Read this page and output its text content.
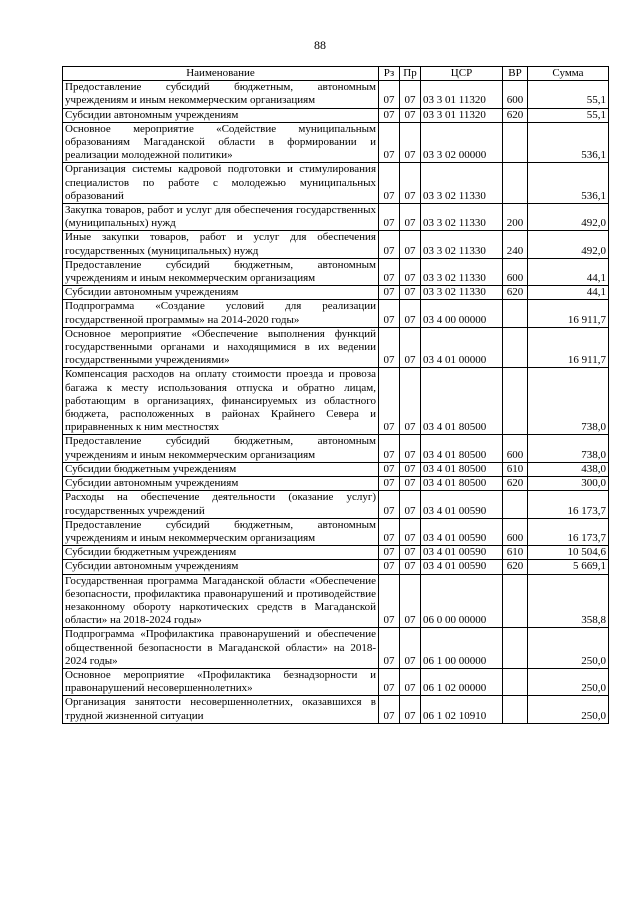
88
Наименование	Рз	Пр	ЦСР	ВР	Сумма
Предоставление субсидий бюджетным, автономным учреждениям и иным некоммерческим организациям	07	07	03 3 01 11320	600	55,1
Субсидии автономным учреждениям	07	07	03 3 01 11320	620	55,1
Основное мероприятие «Содействие муниципальным образованиям Магаданской области в формировании и реализации молодежной политики»	07	07	03 3 02 00000		536,1
Организация системы кадровой подготовки и стимулирования специалистов по работе с молодежью муниципальных образований	07	07	03 3 02 11330		536,1
Закупка товаров, работ и услуг для обеспечения государственных (муниципальных) нужд	07	07	03 3 02 11330	200	492,0
Иные закупки товаров, работ и услуг для обеспечения государственных (муниципальных) нужд	07	07	03 3 02 11330	240	492,0
Предоставление субсидий бюджетным, автономным учреждениям и иным некоммерческим организациям	07	07	03 3 02 11330	600	44,1
Субсидии автономным учреждениям	07	07	03 3 02 11330	620	44,1
Подпрограмма «Создание условий для реализации государственной программы» на 2014-2020 годы»	07	07	03 4 00 00000		16 911,7
Основное мероприятие «Обеспечение выполнения функций государственными органами и находящимися в их ведении государственными учреждениями»	07	07	03 4 01 00000		16 911,7
Компенсация расходов на оплату стоимости проезда и провоза багажа к месту использования отпуска и обратно лицам, работающим в организациях, финансируемых из областного бюджета, расположенных в районах Крайнего Севера и приравненных к ним местностях	07	07	03 4 01 80500		738,0
Предоставление субсидий бюджетным, автономным учреждениям и иным некоммерческим организациям	07	07	03 4 01 80500	600	738,0
Субсидии бюджетным учреждениям	07	07	03 4 01 80500	610	438,0
Субсидии автономным учреждениям	07	07	03 4 01 80500	620	300,0
Расходы на обеспечение деятельности (оказание услуг) государственных учреждений	07	07	03 4 01 00590		16 173,7
Предоставление субсидий бюджетным, автономным учреждениям и иным некоммерческим организациям	07	07	03 4 01 00590	600	16 173,7
Субсидии бюджетным учреждениям	07	07	03 4 01 00590	610	10 504,6
Субсидии автономным учреждениям	07	07	03 4 01 00590	620	5 669,1
Государственная программа Магаданской области «Обеспечение безопасности, профилактика правонарушений и противодействие незаконному обороту наркотических средств в Магаданской области» на 2018-2024 годы»	07	07	06 0 00 00000		358,8
Подпрограмма «Профилактика правонарушений и обеспечение общественной безопасности в Магаданской области» на 2018-2024 годы»	07	07	06 1 00 00000		250,0
Основное мероприятие «Профилактика безнадзорности и правонарушений несовершеннолетних»	07	07	06 1 02 00000		250,0
Организация занятости несовершеннолетних, оказавшихся в трудной жизненной ситуации	07	07	06 1 02 10910		250,0
